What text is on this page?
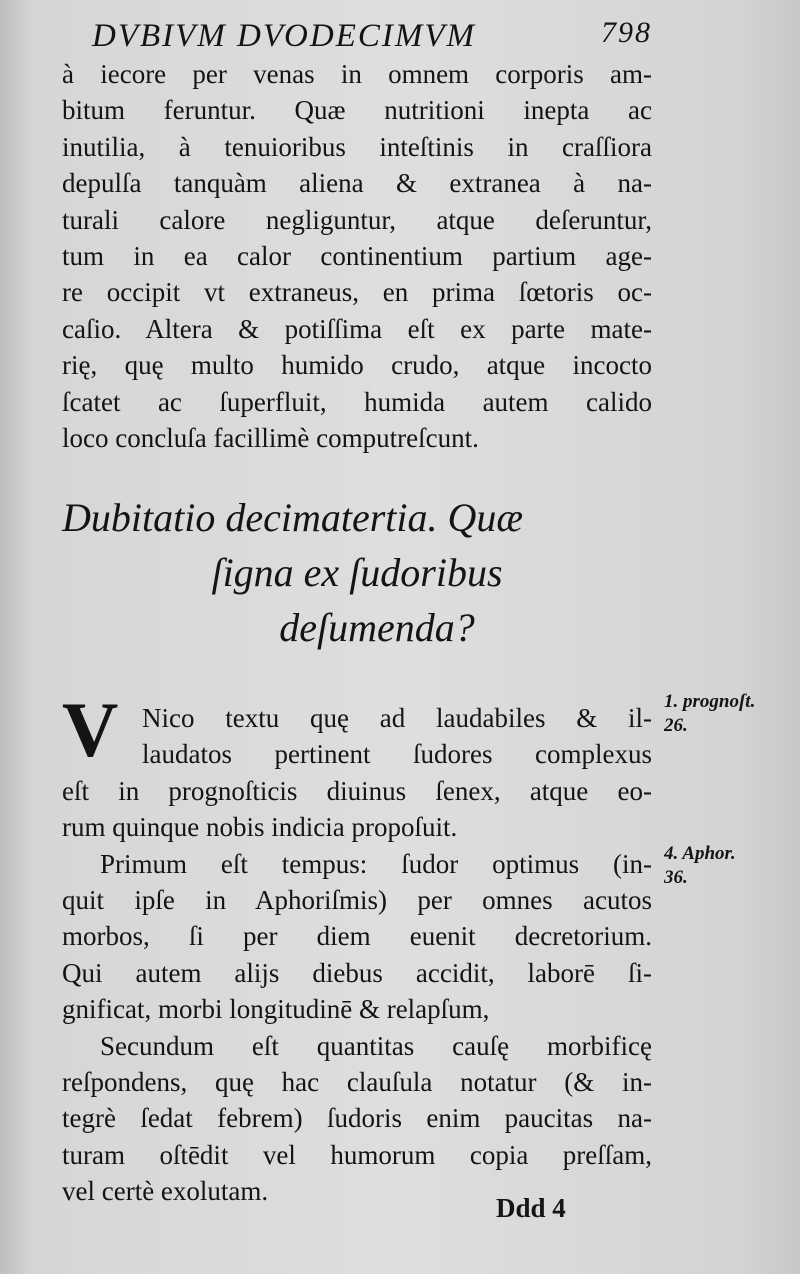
DVBIVM DVODECIMVM	798
à iecore per venas in omnem corporis am-
bitum feruntur. Quæ nutritioni inepta ac
inutilia, à tenuioribus inteſtinis in craſſiora
depulſa tanquàm aliena & extranea à na-
turali calore negliguntur, atque deſeruntur,
tum in ea calor continentium partium age-
re occipit vt extraneus, en prima ſœtoris oc-
caſio. Altera & potiſſima eſt ex parte mate-
rię, quę multo humido crudo, atque incocto
ſcatet ac ſuperfluit, humida autem calido
loco concluſa facillimè computreſcunt.
Dubitatio decimatertia. Quæ
ſigna ex ſudoribus
deſumenda?
V Nico textu quę ad laudabiles & il-
laudatos pertinent ſudores complexus
eſt in prognoſticis diuinus ſenex, atque eo-
rum quinque nobis indicia propoſuit.
Primum eſt tempus: ſudor optimus (in-
quit ipſe in Aphoriſmis) per omnes acutos
morbos, ſi per diem euenit decretorium.
Qui autem alijs diebus accidit, laborē ſi-
gnificat, morbi longitudinē & relapſum,
Secundum eſt quantitas cauſę morbificę
reſpondens, quę hac clauſula notatur (& in-
tegrè ſedat febrem) ſudoris enim paucitas na-
turam oſtēdit vel humorum copia preſſam,
vel certè exolutam.
1. prognoſt.
26.
4. Aphor.
36.
Ddd 4
